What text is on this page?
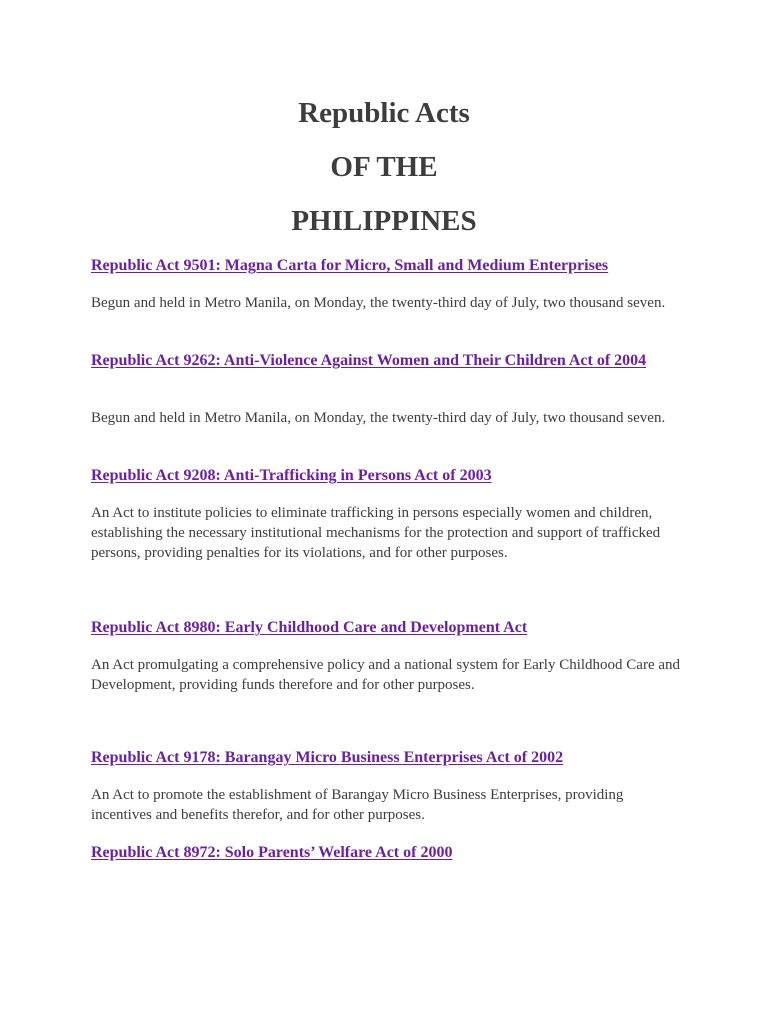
Republic Acts
OF THE
PHILIPPINES
Republic Act 9501: Magna Carta for Micro, Small and Medium Enterprises
Begun and held in Metro Manila, on Monday, the twenty-third day of July, two thousand seven.
Republic Act 9262: Anti-Violence Against Women and Their Children Act of 2004
Begun and held in Metro Manila, on Monday, the twenty-third day of July, two thousand seven.
Republic Act 9208: Anti-Trafficking in Persons Act of 2003
An Act to institute policies to eliminate trafficking in persons especially women and children, establishing the necessary institutional mechanisms for the protection and support of trafficked persons, providing penalties for its violations, and for other purposes.
Republic Act 8980: Early Childhood Care and Development Act
An Act promulgating a comprehensive policy and a national system for Early Childhood Care and Development, providing funds therefore and for other purposes.
Republic Act 9178: Barangay Micro Business Enterprises Act of 2002
An Act to promote the establishment of Barangay Micro Business Enterprises, providing incentives and benefits therefor, and for other purposes.
Republic Act 8972: Solo Parents’ Welfare Act of 2000
